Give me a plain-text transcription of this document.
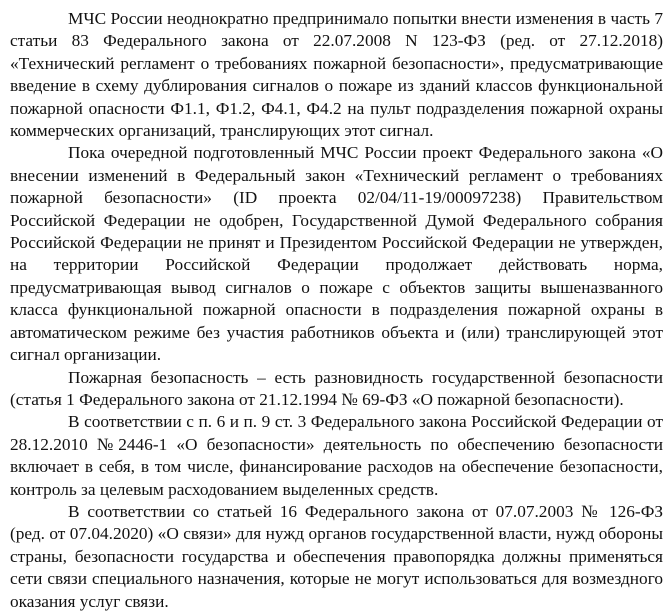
МЧС России неоднократно предпринимало попытки внести изменения в часть 7 статьи 83 Федерального закона от 22.07.2008 N 123-ФЗ (ред. от 27.12.2018) «Технический регламент о требованиях пожарной безопасности», предусматривающие введение в схему дублирования сигналов о пожаре из зданий классов функциональной пожарной опасности Ф1.1, Ф1.2, Ф4.1, Ф4.2 на пульт подразделения пожарной охраны коммерческих организаций, транслирующих этот сигнал.

Пока очередной подготовленный МЧС России проект Федерального закона «О внесении изменений в Федеральный закон «Технический регламент о требованиях пожарной безопасности» (ID проекта 02/04/11-19/00097238) Правительством Российской Федерации не одобрен, Государственной Думой Федерального собрания Российской Федерации не принят и Президентом Российской Федерации не утвержден, на территории Российской Федерации продолжает действовать норма, предусматривающая вывод сигналов о пожаре с объектов защиты вышеназванного класса функциональной пожарной опасности в подразделения пожарной охраны в автоматическом режиме без участия работников объекта и (или) транслирующей этот сигнал организации.

Пожарная безопасность – есть разновидность государственной безопасности (статья 1 Федерального закона от 21.12.1994 № 69-ФЗ «О пожарной безопасности).

В соответствии с п. 6 и п. 9 ст. 3 Федерального закона Российской Федерации от 28.12.2010 №2446-1 «О безопасности» деятельность по обеспечению безопасности включает в себя, в том числе, финансирование расходов на обеспечение безопасности, контроль за целевым расходованием выделенных средств.

В соответствии со статьей 16 Федерального закона от 07.07.2003 № 126-ФЗ (ред. от 07.04.2020) «О связи» для нужд органов государственной власти, нужд обороны страны, безопасности государства и обеспечения правопорядка должны применяться сети связи специального назначения, которые не могут использоваться для возмездного оказания услуг связи.
